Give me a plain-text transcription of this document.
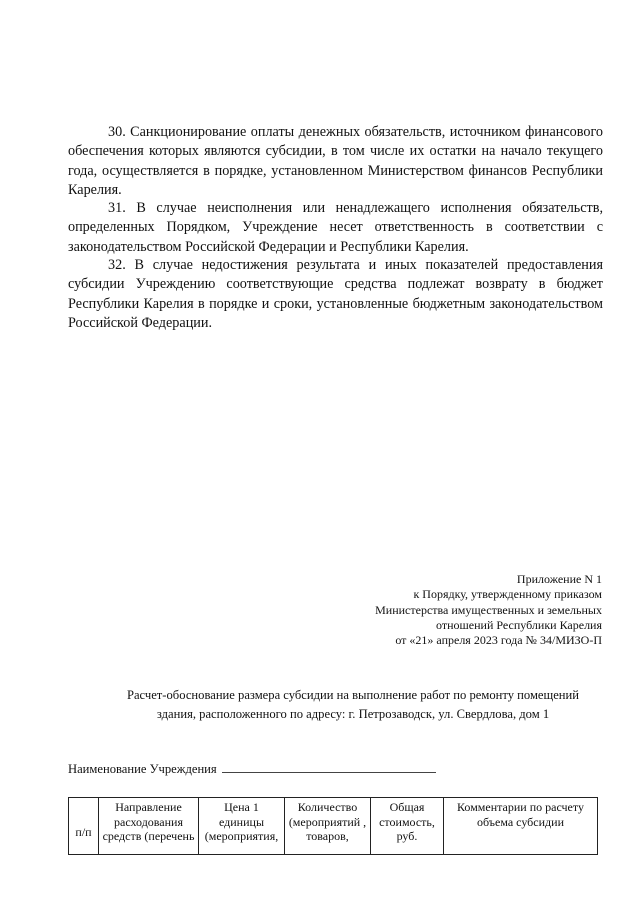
30. Санкционирование оплаты денежных обязательств, источником финансового обеспечения которых являются субсидии, в том числе их остатки на начало текущего года, осуществляется в порядке, установленном Министерством финансов Республики Карелия.

31. В случае неисполнения или ненадлежащего исполнения обязательств, определенных Порядком, Учреждение несет ответственность в соответствии с законодательством Российской Федерации и Республики Карелия.

32. В случае недостижения результата и иных показателей предоставления субсидии Учреждению соответствующие средства подлежат возврату в бюджет Республики Карелия в порядке и сроки, установленные бюджетным законодательством Российской Федерации.

Приложение N 1
к Порядку, утвержденному приказом
Министерства имущественных и земельных
отношений Республики Карелия
от «21» апреля 2023 года № 34/МИЗО-П
Расчет-обоснование размера субсидии на выполнение работ по ремонту помещений
здания, расположенного по адресу: г. Петрозаводск, ул. Свердлова, дом 1
Наименование Учреждения
п/п	Направление расходования средств (перечень	Цена 1 единицы (мероприятия,	Количество (мероприятий , товаров,	Общая стоимость, руб.	Комментарии по расчету объема субсидии
